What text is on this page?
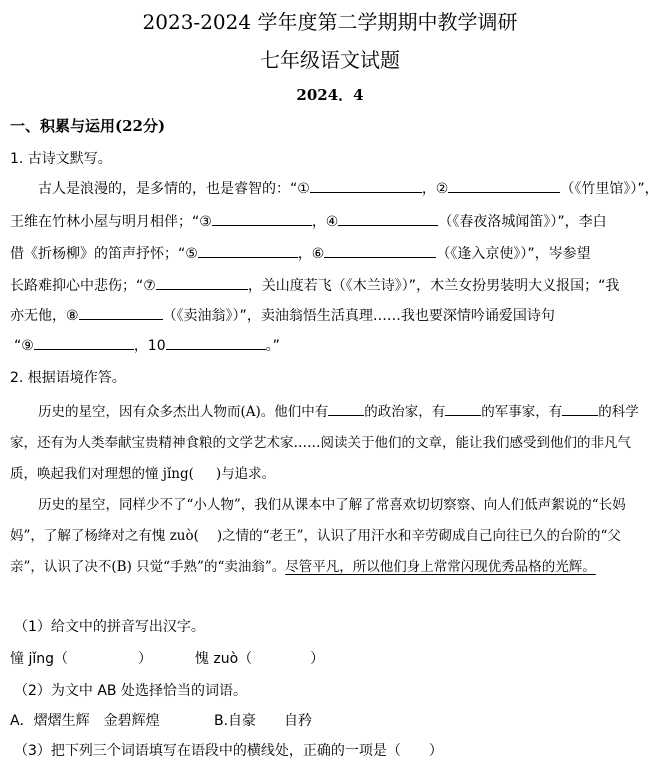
2023-2024 学年度第二学期期中教学调研
七年级语文试题
2024．4
一、积累与运用(22分)
1. 古诗文默写。
古人是浪漫的，是多情的，也是睿智的：“①	，②	（《竹里馆》）”，
王维在竹林小屋与明月相伴；“③	，④	（《春夜洛城闻笛》）”，李白
借《折杨柳》的笛声抒怀；“⑤	，⑥	（《逢入京使》）”，岑参望
长路难抑心中悲伤；“⑦	，关山度若飞（《木兰诗》）”，木兰女扮男装明大义报国；“我
亦无他，⑧	（《卖油翁》）”，卖油翁悟生活真理……我也要深情吟诵爱国诗句
“⑨	，10	。”
2. 根据语境作答。
历史的星空，因有众多杰出人物而(A)。他们中有	的政治家，有	的军事家，有	的科学家，还有为人类奉献宝贵精神食粮的文学艺术家……阅读关于他们的文章，能让我们感受到他们的非凡气质，唤起我们对理想的憧 jǐng( )与追求。
历史的星空，同样少不了“小人物”，我们从课本中了解了常喜欢切切察察、向人们低声絮说的“长妈妈”，了解了杨绛对之有愧 zuò( )之情的“老王”，认识了用汗水和辛劳砌成自己向往已久的台阶的“父亲”，认识了决不(B) 只觉“手熟”的“卖油翁”。尽管平凡，所以他们身上常常闪现优秀品格的光辉。
（1）给文中的拼音写出汉字。
憧 jǐng（	）	愧 zuò（	）
（2）为文中 AB 处选择恰当的词语。
A．熠熠生辉　金碧辉煌	B.自豪　　自矜
（3）把下列三个词语填写在语段中的横线处，正确的一项是（　　）
